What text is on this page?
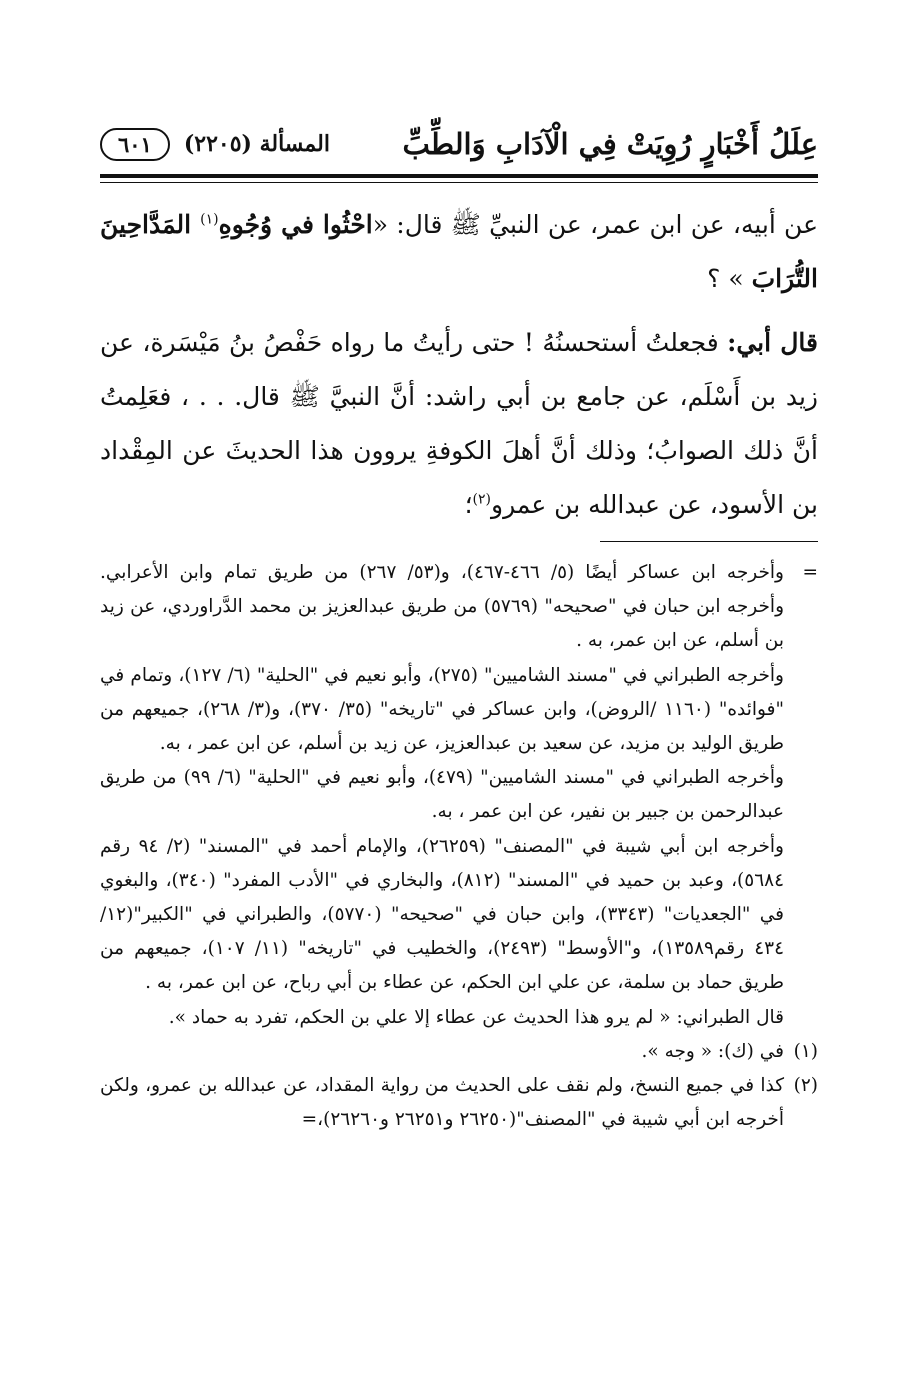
عِلَلُ أَخْبَارٍ رُوِيَتْ فِي الْآدَابِ وَالطِّبِّ
المسألة (٢٢٠٥)
٦٠١

عن أبيه، عن ابن عمر، عن النبيِّ ﷺ قال: «احْثُوا في وُجُوهِ$^{(١)}$ المَدَّاحِينَ التُّرَابَ » ؟

قال أبي: فجعلتُ أستحسنُهُ ! حتى رأيتُ ما رواه حَفْصُ بنُ مَيْسَرة، عن زيد بن أَسْلَم، عن جامع بن أبي راشد: أنَّ النبيَّ ﷺ قال. . . ، فعَلِمتُ أنَّ ذلك الصوابُ؛ وذلك أنَّ أهلَ الكوفةِ يروون هذا الحديثَ عن المِقْداد بن الأسود، عن عبدالله بن عمرو$^{(٢)}$؛

=

وأخرجه ابن عساكر أيضًا (٥/ ٤٦٦-٤٦٧)، و(٥٣/ ٢٦٧) من طريق تمام وابن الأعرابي. وأخرجه ابن حبان في "صحيحه" (٥٧٦٩) من طريق عبدالعزيز بن محمد الدَّراوردي، عن زيد بن أسلم، عن ابن عمر، به .

وأخرجه الطبراني في "مسند الشاميين" (٢٧٥)، وأبو نعيم في "الحلية" (٦/ ١٢٧)، وتمام في "فوائده" (١١٦٠ /الروض)، وابن عساكر في "تاريخه" (٣٥/ ٣٧٠)، و(٣/ ٢٦٨)، جميعهم من طريق الوليد بن مزيد، عن سعيد بن عبدالعزيز، عن زيد بن أسلم، عن ابن عمر ، به.

وأخرجه الطبراني في "مسند الشاميين" (٤٧٩)، وأبو نعيم في "الحلية" (٦/ ٩٩) من طريق عبدالرحمن بن جبير بن نفير، عن ابن عمر ، به.

وأخرجه ابن أبي شيبة في "المصنف" (٢٦٢٥٩)، والإمام أحمد في "المسند" (٢/ ٩٤ رقم ٥٦٨٤)، وعبد بن حميد في "المسند" (٨١٢)، والبخاري في "الأدب المفرد" (٣٤٠)، والبغوي في "الجعديات" (٣٣٤٣)، وابن حبان في "صحيحه" (٥٧٧٠)، والطبراني في "الكبير"(١٢/ ٤٣٤ رقم١٣٥٨٩)، و"الأوسط" (٢٤٩٣)، والخطيب في "تاريخه" (١١/ ١٠٧)، جميعهم من طريق حماد بن سلمة، عن علي ابن الحكم، عن عطاء بن أبي رباح، عن ابن عمر، به .

قال الطبراني: « لم يرو هذا الحديث عن عطاء إلا علي بن الحكم، تفرد به حماد ».

(١)

في (ك): « وجه ».

(٢)

كذا في جميع النسخ، ولم نقف على الحديث من رواية المقداد، عن عبدالله بن عمرو، ولكن أخرجه ابن أبي شيبة في "المصنف"(٢٦٢٥٠ و٢٦٢٥١ و٢٦٢٦٠)،=
